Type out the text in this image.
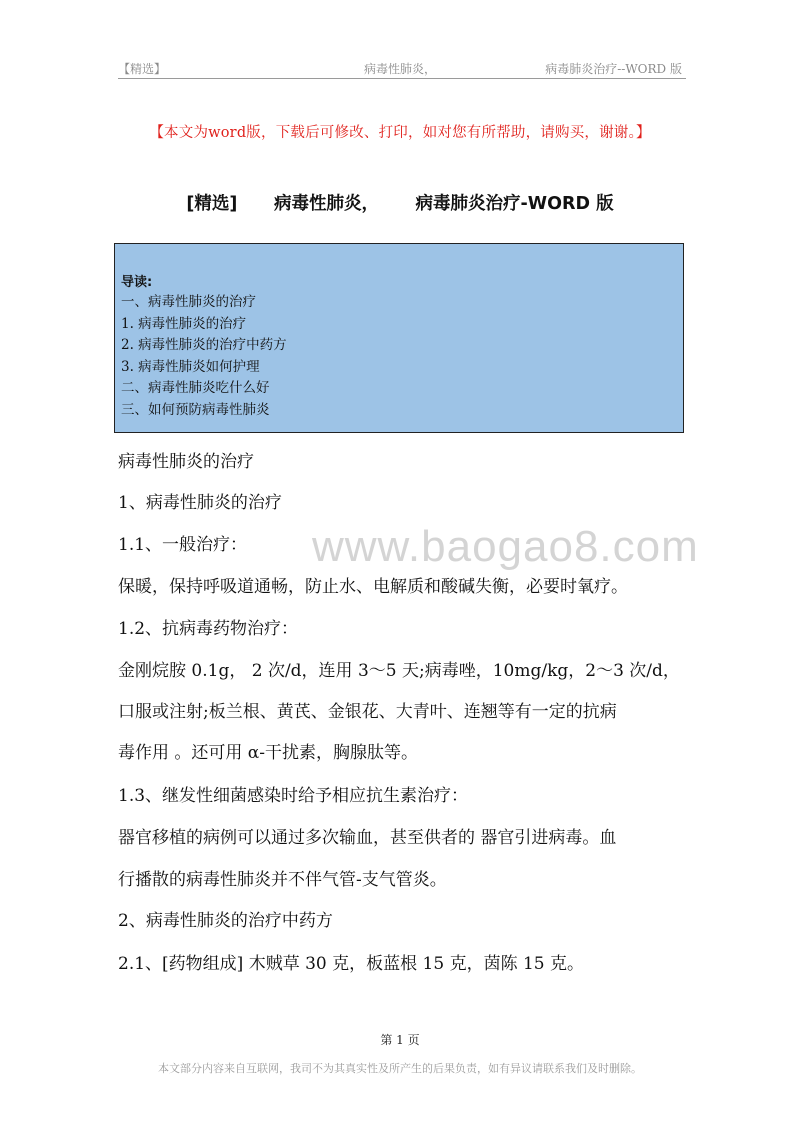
【精选】	病毒性肺炎，	病毒肺炎治疗--WORD 版
【本文为word版，下载后可修改、打印，如对您有所帮助，请购买，谢谢。】
[精选]      病毒性肺炎，      病毒肺炎治疗-WORD 版
导读:
一、病毒性肺炎的治疗
1. 病毒性肺炎的治疗
2. 病毒性肺炎的治疗中药方
3. 病毒性肺炎如何护理
二、病毒性肺炎吃什么好
三、如何预防病毒性肺炎
www.baogao8.com
病毒性肺炎的治疗
1、病毒性肺炎的治疗
1.1、一般治疗：
保暖，保持呼吸道通畅，防止水、电解质和酸碱失衡，必要时氧疗。
1.2、抗病毒药物治疗：
金刚烷胺 0.1g， 2 次/d，连用 3～5 天;病毒唑，10mg/kg，2～3 次/d，
口服或注射;板兰根、黄芪、金银花、大青叶、连翘等有一定的抗病
毒作用 。还可用 α-干扰素，胸腺肽等。
1.3、继发性细菌感染时给予相应抗生素治疗：
器官移植的病例可以通过多次输血，甚至供者的 器官引进病毒。血
行播散的病毒性肺炎并不伴气管-支气管炎。
2、病毒性肺炎的治疗中药方
2.1、[药物组成] 木贼草 30 克，板蓝根 15 克，茵陈 15 克。
第 1 页
本文部分内容来自互联网，我司不为其真实性及所产生的后果负责，如有异议请联系我们及时删除。
